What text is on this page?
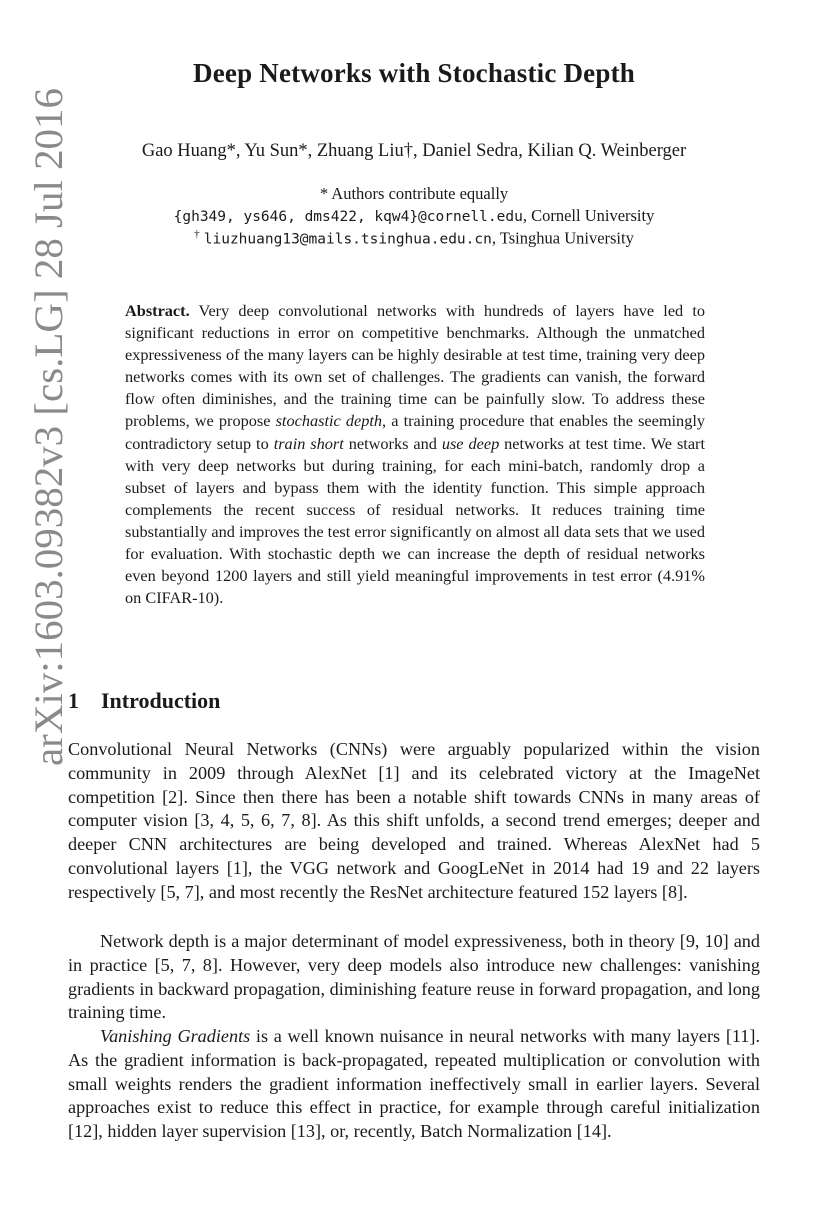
arXiv:1603.09382v3 [cs.LG] 28 Jul 2016
Deep Networks with Stochastic Depth
Gao Huang*, Yu Sun*, Zhuang Liu†, Daniel Sedra, Kilian Q. Weinberger
* Authors contribute equally
{gh349, ys646, dms422, kqw4}@cornell.edu, Cornell University
† liuzhuang13@mails.tsinghua.edu.cn, Tsinghua University

Abstract. Very deep convolutional networks with hundreds of layers have led to significant reductions in error on competitive benchmarks. Although the unmatched expressiveness of the many layers can be highly desirable at test time, training very deep networks comes with its own set of challenges. The gradients can vanish, the forward flow often diminishes, and the training time can be painfully slow. To address these problems, we propose stochastic depth, a training procedure that enables the seemingly contradictory setup to train short networks and use deep networks at test time. We start with very deep networks but during training, for each mini-batch, randomly drop a subset of layers and bypass them with the identity function. This simple approach complements the recent success of residual networks. It reduces training time substantially and improves the test error significantly on almost all data sets that we used for evaluation. With stochastic depth we can increase the depth of residual networks even beyond 1200 layers and still yield meaningful improvements in test error (4.91% on CIFAR-10).

1 Introduction

Convolutional Neural Networks (CNNs) were arguably popularized within the vision community in 2009 through AlexNet [1] and its celebrated victory at the ImageNet competition [2]. Since then there has been a notable shift towards CNNs in many areas of computer vision [3, 4, 5, 6, 7, 8]. As this shift unfolds, a second trend emerges; deeper and deeper CNN architectures are being developed and trained. Whereas AlexNet had 5 convolutional layers [1], the VGG network and GoogLeNet in 2014 had 19 and 22 layers respectively [5, 7], and most recently the ResNet architecture featured 152 layers [8].

Network depth is a major determinant of model expressiveness, both in theory [9, 10] and in practice [5, 7, 8]. However, very deep models also introduce new challenges: vanishing gradients in backward propagation, diminishing feature reuse in forward propagation, and long training time.

Vanishing Gradients is a well known nuisance in neural networks with many layers [11]. As the gradient information is back-propagated, repeated multiplication or convolution with small weights renders the gradient information ineffectively small in earlier layers. Several approaches exist to reduce this effect in practice, for example through careful initialization [12], hidden layer supervision [13], or, recently, Batch Normalization [14].
